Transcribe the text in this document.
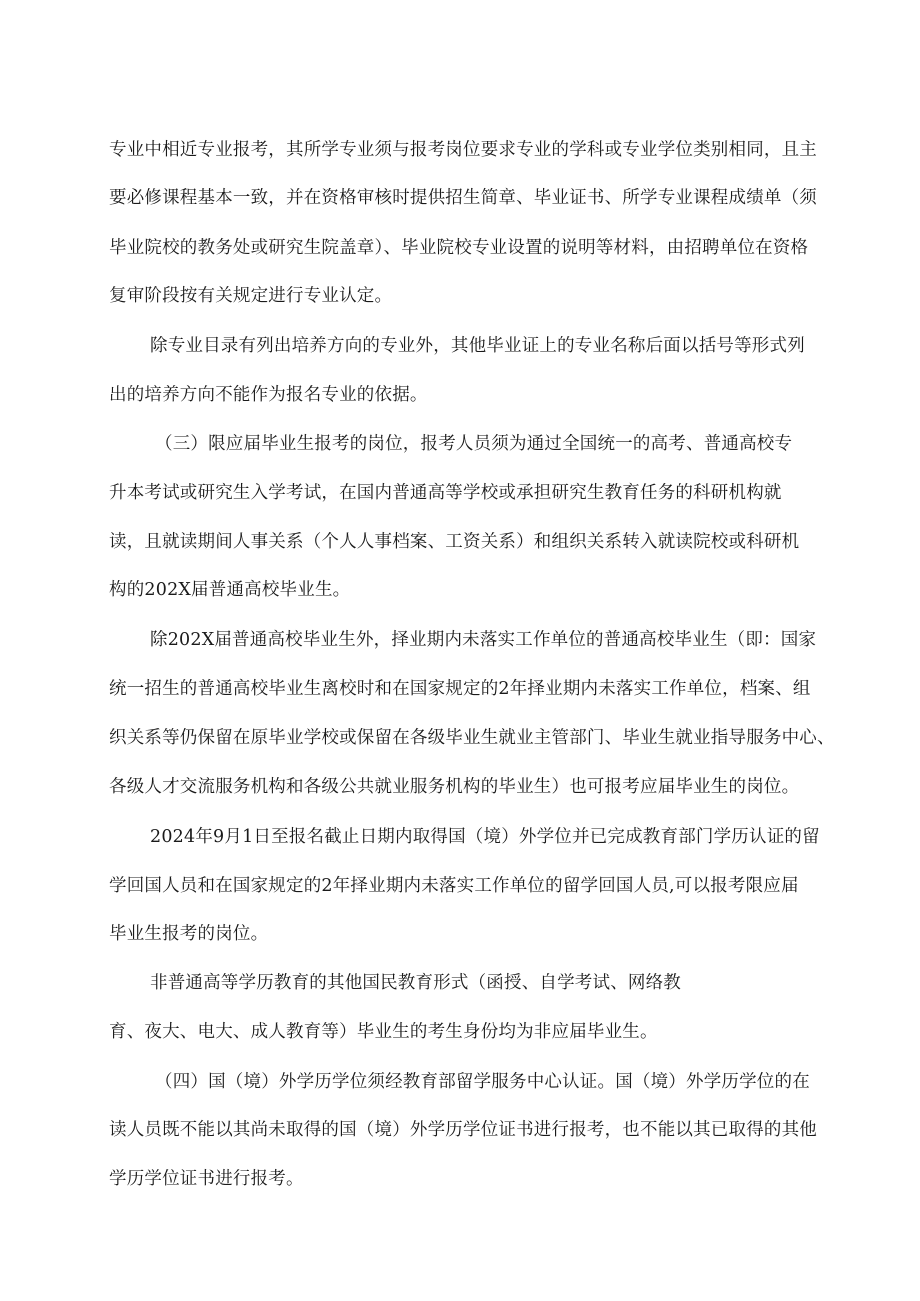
专业中相近专业报考，其所学专业须与报考岗位要求专业的学科或专业学位类别相同，且主
要必修课程基本一致，并在资格审核时提供招生简章、毕业证书、所学专业课程成绩单（须
毕业院校的教务处或研究生院盖章）、毕业院校专业设置的说明等材料，由招聘单位在资格
复审阶段按有关规定进行专业认定。
除专业目录有列出培养方向的专业外，其他毕业证上的专业名称后面以括号等形式列
出的培养方向不能作为报名专业的依据。
（三）限应届毕业生报考的岗位，报考人员须为通过全国统一的高考、普通高校专
升本考试或研究生入学考试，在国内普通高等学校或承担研究生教育任务的科研机构就
读，且就读期间人事关系（个人人事档案、工资关系）和组织关系转入就读院校或科研机
构的202X届普通高校毕业生。
除202X届普通高校毕业生外，择业期内未落实工作单位的普通高校毕业生（即：国家
统一招生的普通高校毕业生离校时和在国家规定的2年择业期内未落实工作单位，档案、组
织关系等仍保留在原毕业学校或保留在各级毕业生就业主管部门、毕业生就业指导服务中心、
各级人才交流服务机构和各级公共就业服务机构的毕业生）也可报考应届毕业生的岗位。
2024年9月1日至报名截止日期内取得国（境）外学位并已完成教育部门学历认证的留
学回国人员和在国家规定的2年择业期内未落实工作单位的留学回国人员,可以报考限应届
毕业生报考的岗位。
非普通高等学历教育的其他国民教育形式（函授、自学考试、网络教
育、夜大、电大、成人教育等）毕业生的考生身份均为非应届毕业生。
（四）国（境）外学历学位须经教育部留学服务中心认证。国（境）外学历学位的在
读人员既不能以其尚未取得的国（境）外学历学位证书进行报考，也不能以其已取得的其他
学历学位证书进行报考。
